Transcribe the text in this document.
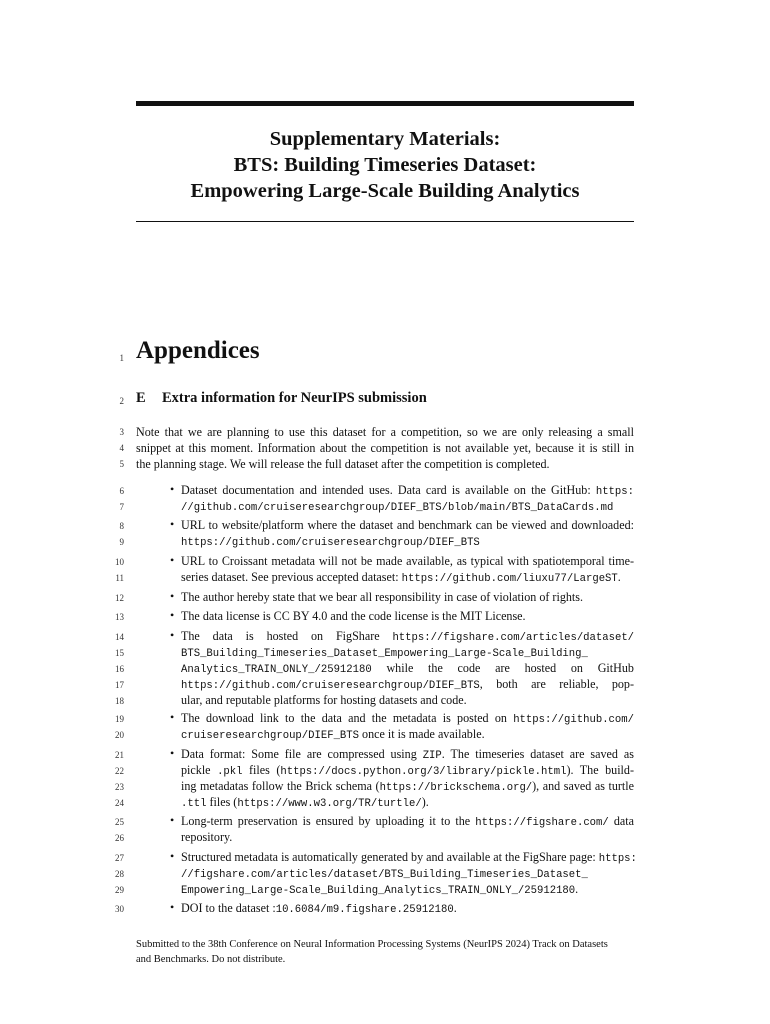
Supplementary Materials:
BTS: Building Timeseries Dataset:
Empowering Large-Scale Building Analytics
1
2
3
4
5
6
7
8
9
10
11
12
13
14
15
16
17
18
19
20
21
22
23
24
25
26
27
28
29
30
Appendices
E Extra information for NeurIPS submission
Note that we are planning to use this dataset for a competition, so we are only releasing a small
snippet at this moment. Information about the competition is not available yet, because it is still in
the planning stage. We will release the full dataset after the competition is completed.
• Dataset documentation and intended uses. Data card is available on the GitHub: https:
//github.com/cruiseresearchgroup/DIEF_BTS/blob/main/BTS_DataCards.md
• URL to website/platform where the dataset and benchmark can be viewed and downloaded:
https://github.com/cruiseresearchgroup/DIEF_BTS
• URL to Croissant metadata will not be made available, as typical with spatiotemporal time-
series dataset. See previous accepted dataset: https://github.com/liuxu77/LargeST.
• The author hereby state that we bear all responsibility in case of violation of rights.
• The data license is CC BY 4.0 and the code license is the MIT License.
• The data is hosted on FigShare https://figshare.com/articles/dataset/
BTS_Building_Timeseries_Dataset_Empowering_Large-Scale_Building_
Analytics_TRAIN_ONLY_/25912180 while the code are hosted on GitHub
https://github.com/cruiseresearchgroup/DIEF_BTS, both are reliable, pop-
ular, and reputable platforms for hosting datasets and code.
• The download link to the data and the metadata is posted on https://github.com/
cruiseresearchgroup/DIEF_BTS once it is made available.
• Data format: Some file are compressed using ZIP. The timeseries dataset are saved as
pickle .pkl files (https://docs.python.org/3/library/pickle.html). The build-
ing metadatas follow the Brick schema (https://brickschema.org/), and saved as turtle
.ttl files (https://www.w3.org/TR/turtle/).
• Long-term preservation is ensured by uploading it to the https://figshare.com/ data
repository.
• Structured metadata is automatically generated by and available at the FigShare page: https:
//figshare.com/articles/dataset/BTS_Building_Timeseries_Dataset_
Empowering_Large-Scale_Building_Analytics_TRAIN_ONLY_/25912180.
• DOI to the dataset :10.6084/m9.figshare.25912180.
Submitted to the 38th Conference on Neural Information Processing Systems (NeurIPS 2024) Track on Datasets
and Benchmarks. Do not distribute.
